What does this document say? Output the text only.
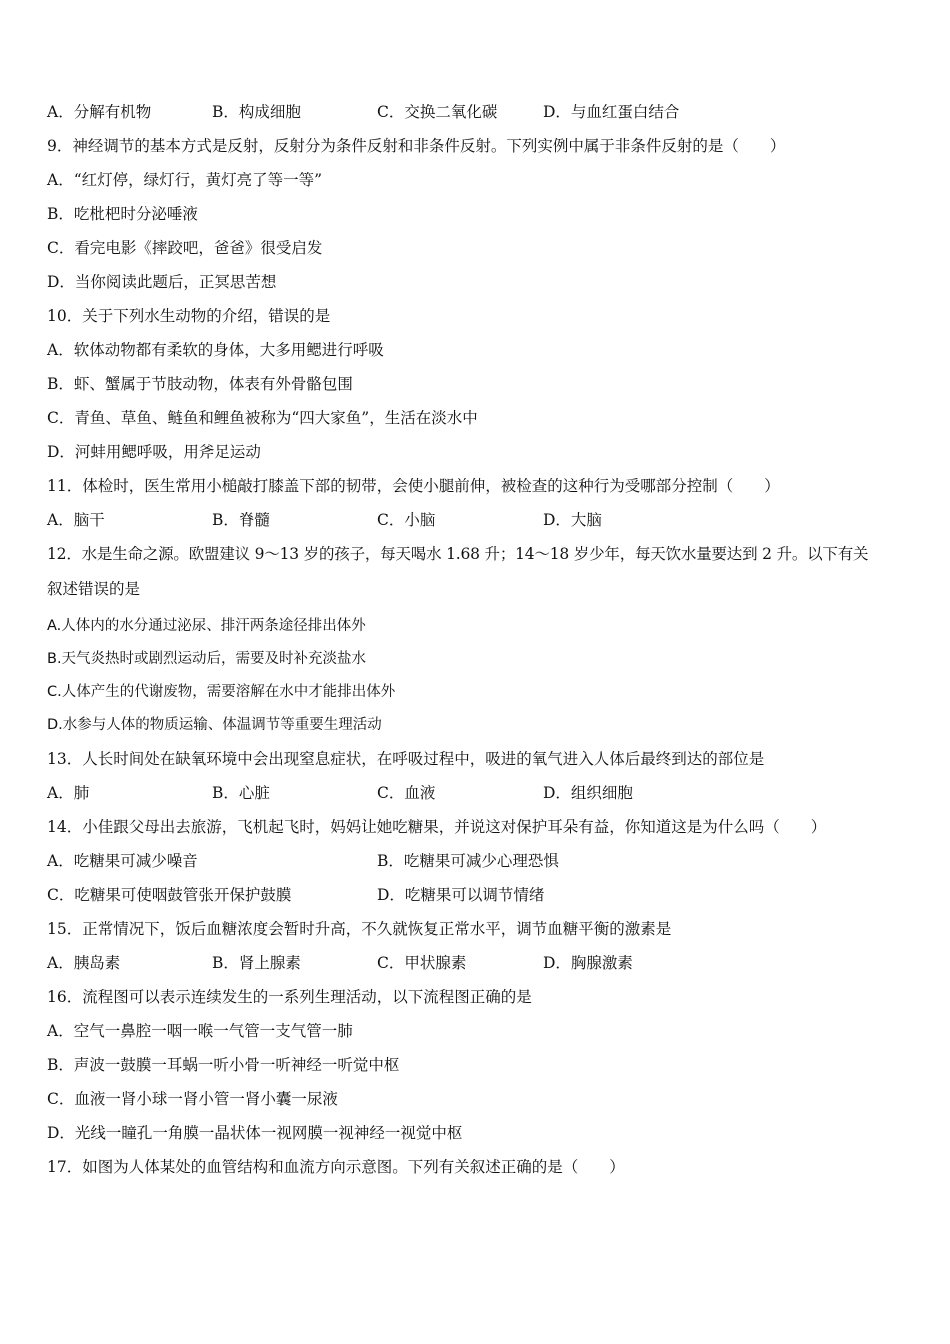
A．分解有机物	B．构成细胞	C．交换二氧化碳	D．与血红蛋白结合
9．神经调节的基本方式是反射，反射分为条件反射和非条件反射。下列实例中属于非条件反射的是（　　）
A．“红灯停，绿灯行，黄灯亮了等一等”
B．吃枇杷时分泌唾液
C．看完电影《摔跤吧，爸爸》很受启发
D．当你阅读此题后，正冥思苦想
10．关于下列水生动物的介绍，错误的是
A．软体动物都有柔软的身体，大多用鳃进行呼吸
B．虾、蟹属于节肢动物，体表有外骨骼包围
C．青鱼、草鱼、鲢鱼和鲤鱼被称为“四大家鱼”，生活在淡水中
D．河蚌用鳃呼吸，用斧足运动
11．体检时，医生常用小槌敲打膝盖下部的韧带，会使小腿前伸，被检查的这种行为受哪部分控制（　　）
A．脑干	B．脊髓	C．小脑	D．大脑
12．水是生命之源。欧盟建议 9～13 岁的孩子，每天喝水 1.68 升；14～18 岁少年，每天饮水量要达到 2 升。以下有关
叙述错误的是
A.人体内的水分通过泌尿、排汗两条途径排出体外
B.天气炎热时或剧烈运动后，需要及时补充淡盐水
C.人体产生的代谢废物，需要溶解在水中才能排出体外
D.水参与人体的物质运输、体温调节等重要生理活动
13．人长时间处在缺氧环境中会出现窒息症状，在呼吸过程中，吸进的氧气进入人体后最终到达的部位是
A．肺	B．心脏	C．血液	D．组织细胞
14．小佳跟父母出去旅游，飞机起飞时，妈妈让她吃糖果，并说这对保护耳朵有益，你知道这是为什么吗（　　）
A．吃糖果可减少噪音	B．吃糖果可减少心理恐惧
C．吃糖果可使咽鼓管张开保护鼓膜	D．吃糖果可以调节情绪
15．正常情况下，饭后血糖浓度会暂时升高，不久就恢复正常水平，调节血糖平衡的激素是
A．胰岛素	B．肾上腺素	C．甲状腺素	D．胸腺激素
16．流程图可以表示连续发生的一系列生理活动，以下流程图正确的是
A．空气一鼻腔一咽一喉一气管一支气管一肺
B．声波一鼓膜一耳蜗一听小骨一听神经一听觉中枢
C．血液一肾小球一肾小管一肾小囊一尿液
D．光线一瞳孔一角膜一晶状体一视网膜一视神经一视觉中枢
17．如图为人体某处的血管结构和血流方向示意图。下列有关叙述正确的是（　　）
